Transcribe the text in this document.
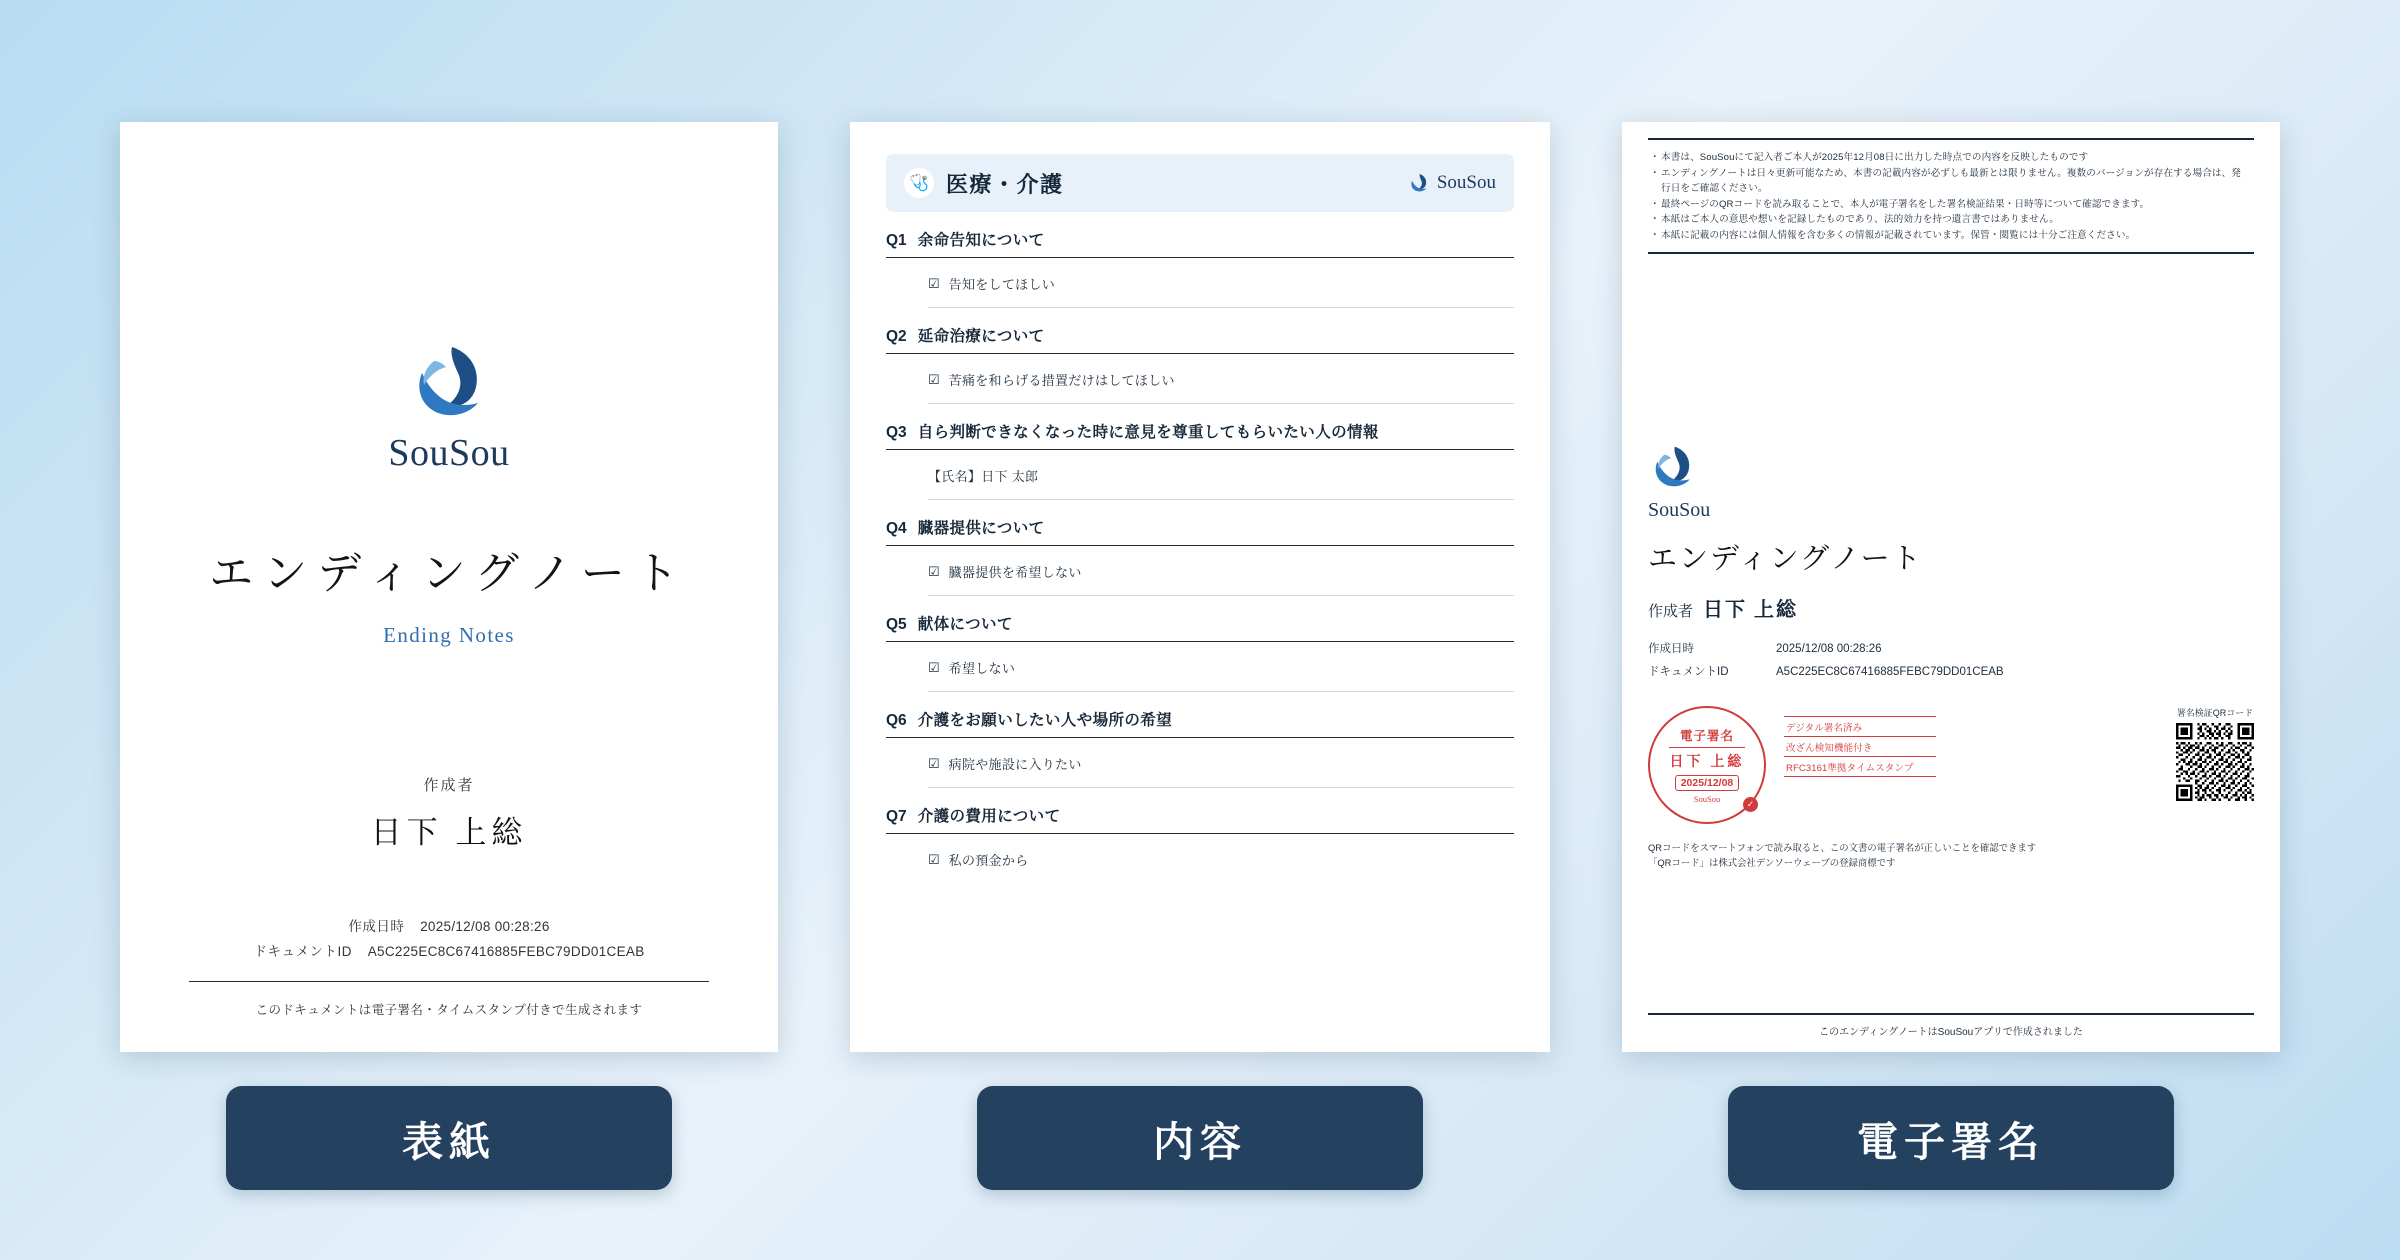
SouSou
エンディングノート
Ending Notes
作成者
日下 上総
作成日時 2025/12/08 00:28:26
ドキュメントID A5C225EC8C67416885FEBC79DD01CEAB
このドキュメントは電子署名・タイムスタンプ付きで生成されます
🩺 医療・介護	SouSou
Q1 余命告知について
☑ 告知をしてほしい
Q2 延命治療について
☑ 苦痛を和らげる措置だけはしてほしい
Q3 自ら判断できなくなった時に意見を尊重してもらいたい人の情報
【氏名】日下 太郎
Q4 臓器提供について
☑ 臓器提供を希望しない
Q5 献体について
☑ 希望しない
Q6 介護をお願いしたい人や場所の希望
☑ 病院や施設に入りたい
Q7 介護の費用について
☑ 私の預金から
・ 本書は、SouSouにて記入者ご本人が2025年12月08日に出力した時点での内容を反映したものです
・ エンディングノートは日々更新可能なため、本書の記載内容が必ずしも最新とは限りません。複数のバージョンが存在する場合は、発行日をご確認ください。
・ 最終ページのQRコードを読み取ることで、本人が電子署名をした署名検証結果・日時等について確認できます。
・ 本紙はご本人の意思や想いを記録したものであり、法的効力を持つ遺言書ではありません。
・ 本紙に記載の内容には個人情報を含む多くの情報が記載されています。保管・閲覧には十分ご注意ください。
SouSou
エンディングノート
作成者 日下 上総
作成日時	2025/12/08 00:28:26
ドキュメントID	A5C225EC8C67416885FEBC79DD01CEAB
電子署名
日下 上総
2025/12/08
SouSou	✓
デジタル署名済み
改ざん検知機能付き
RFC3161準拠タイムスタンプ
署名検証QRコード
QRコードをスマートフォンで読み取ると、この文書の電子署名が正しいことを確認できます
「QRコード」は株式会社デンソーウェーブの登録商標です
このエンディングノートはSouSouアプリで作成されました
表紙	内容	電子署名
